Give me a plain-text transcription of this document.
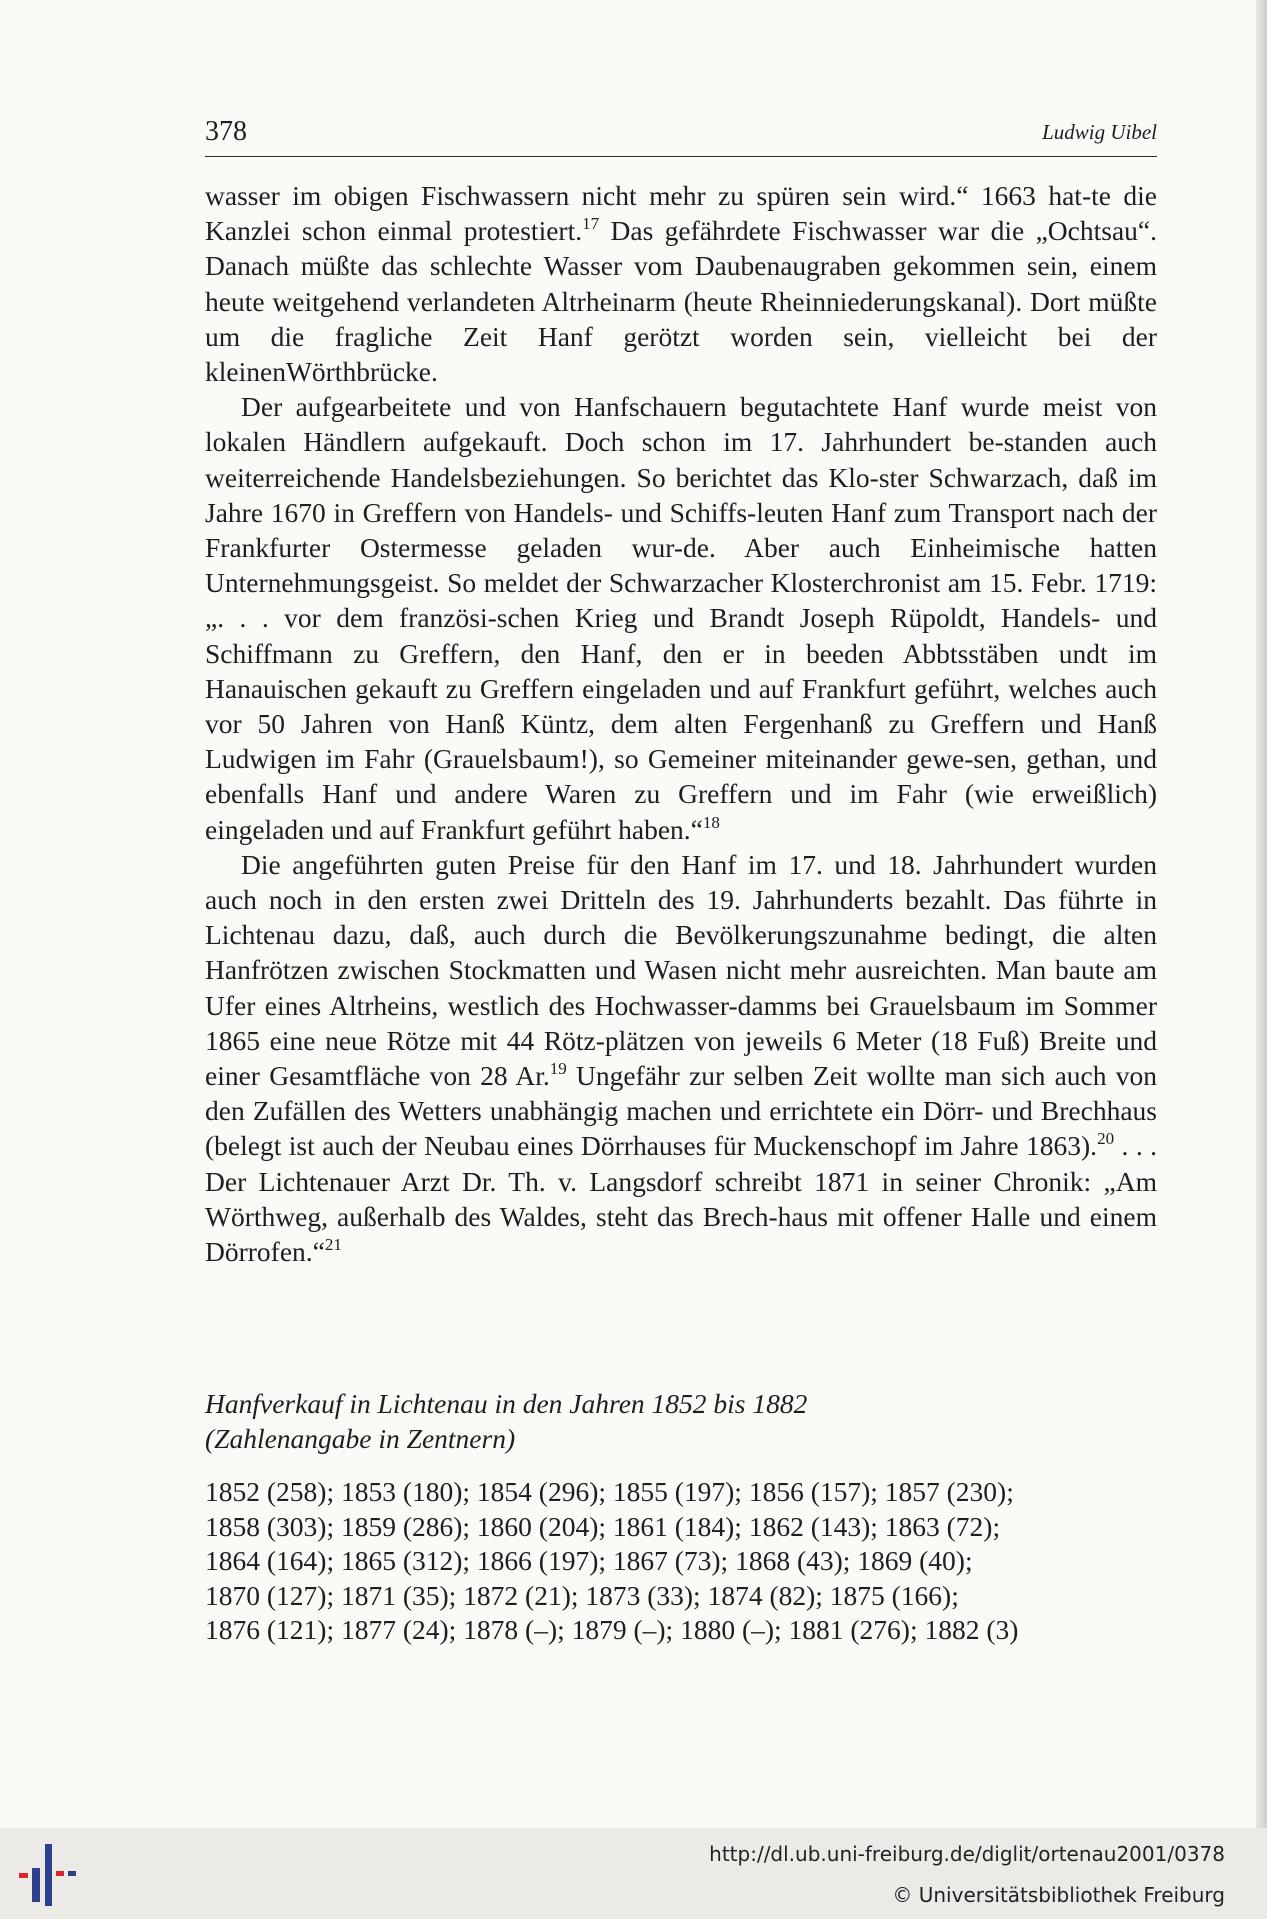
378	Ludwig Uibel

wasser im obigen Fischwassern nicht mehr zu spüren sein wird.“ 1663 hat-te die Kanzlei schon einmal protestiert.$^{17}$ Das gefährdete Fischwasser war die „Ochtsau“. Danach müßte das schlechte Wasser vom Daubenaugraben gekommen sein, einem heute weitgehend verlandeten Altrheinarm (heute Rheinniederungskanal). Dort müßte um die fragliche Zeit Hanf gerötzt worden sein, vielleicht bei der kleinenWörthbrücke.

Der aufgearbeitete und von Hanfschauern begutachtete Hanf wurde meist von lokalen Händlern aufgekauft. Doch schon im 17. Jahrhundert be-standen auch weiterreichende Handelsbeziehungen. So berichtet das Klo-ster Schwarzach, daß im Jahre 1670 in Greffern von Handels- und Schiffs-leuten Hanf zum Transport nach der Frankfurter Ostermesse geladen wur-de. Aber auch Einheimische hatten Unternehmungsgeist. So meldet der Schwarzacher Klosterchronist am 15. Febr. 1719: „. . . vor dem französi-schen Krieg und Brandt Joseph Rüpoldt, Handels- und Schiffmann zu Greffern, den Hanf, den er in beeden Abbtsstäben undt im Hanauischen gekauft zu Greffern eingeladen und auf Frankfurt geführt, welches auch vor 50 Jahren von Hanß Küntz, dem alten Fergenhanß zu Greffern und Hanß Ludwigen im Fahr (Grauelsbaum!), so Gemeiner miteinander gewe-sen, gethan, und ebenfalls Hanf und andere Waren zu Greffern und im Fahr (wie erweißlich) eingeladen und auf Frankfurt geführt haben.“$^{18}$

Die angeführten guten Preise für den Hanf im 17. und 18. Jahrhundert wurden auch noch in den ersten zwei Dritteln des 19. Jahrhunderts bezahlt. Das führte in Lichtenau dazu, daß, auch durch die Bevölkerungszunahme bedingt, die alten Hanfrötzen zwischen Stockmatten und Wasen nicht mehr ausreichten. Man baute am Ufer eines Altrheins, westlich des Hochwasser-damms bei Grauelsbaum im Sommer 1865 eine neue Rötze mit 44 Rötz-plätzen von jeweils 6 Meter (18 Fuß) Breite und einer Gesamtfläche von 28 Ar.$^{19}$ Ungefähr zur selben Zeit wollte man sich auch von den Zufällen des Wetters unabhängig machen und errichtete ein Dörr- und Brechhaus (belegt ist auch der Neubau eines Dörrhauses für Muckenschopf im Jahre 1863).$^{20}$ . . . Der Lichtenauer Arzt Dr. Th. v. Langsdorf schreibt 1871 in seiner Chronik: „Am Wörthweg, außerhalb des Waldes, steht das Brech-haus mit offener Halle und einem Dörrofen.“$^{21}$

Hanfverkauf in Lichtenau in den Jahren 1852 bis 1882
(Zahlenangabe in Zentnern)
1852 (258); 1853 (180); 1854 (296); 1855 (197); 1856 (157); 1857 (230);
1858 (303); 1859 (286); 1860 (204); 1861 (184); 1862 (143); 1863 (72);
1864 (164); 1865 (312); 1866 (197); 1867 (73); 1868 (43); 1869 (40);
1870 (127); 1871 (35); 1872 (21); 1873 (33); 1874 (82); 1875 (166);
1876 (121); 1877 (24); 1878 (–); 1879 (–); 1880 (–); 1881 (276); 1882 (3)
http://dl.ub.uni-freiburg.de/diglit/ortenau2001/0378
© Universitätsbibliothek Freiburg
